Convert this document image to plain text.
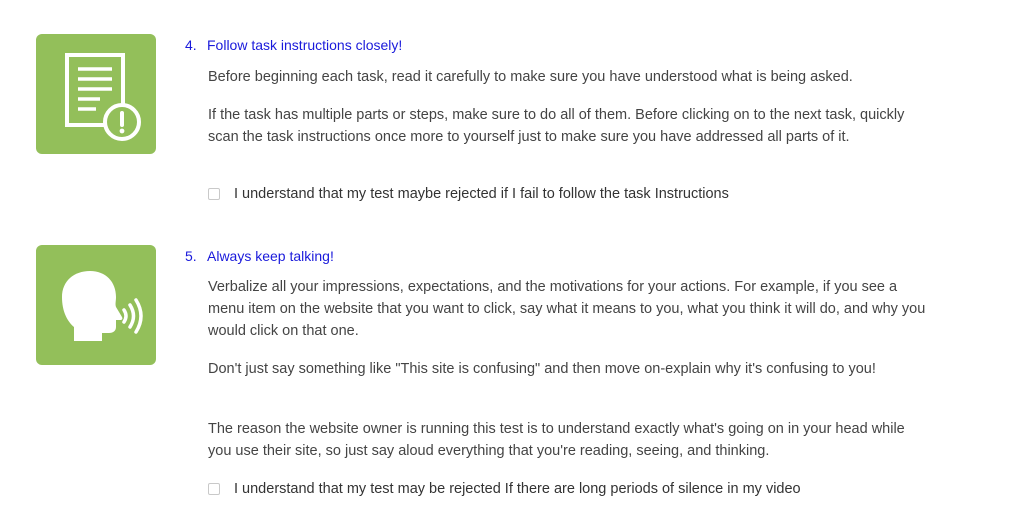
4. Follow task instructions closely!

Before beginning each task, read it carefully to make sure you have understood what is being asked.

If the task has multiple parts or steps, make sure to do all of them. Before clicking on to the next task, quickly scan the task instructions once more to yourself just to make sure you have addressed all parts of it.

I understand that my test maybe rejected if I fail to follow the task Instructions
5. Always keep talking!

Verbalize all your impressions, expectations, and the motivations for your actions. For example, if you see a menu item on the website that you want to click, say what it means to you, what you think it will do, and why you would click on that one.

Don't just say something like "This site is confusing" and then move on-explain why it's confusing to you!

The reason the website owner is running this test is to understand exactly what's going on in your head while you use their site, so just say aloud everything that you're reading, seeing, and thinking.

I understand that my test may be rejected If there are long periods of silence in my video
